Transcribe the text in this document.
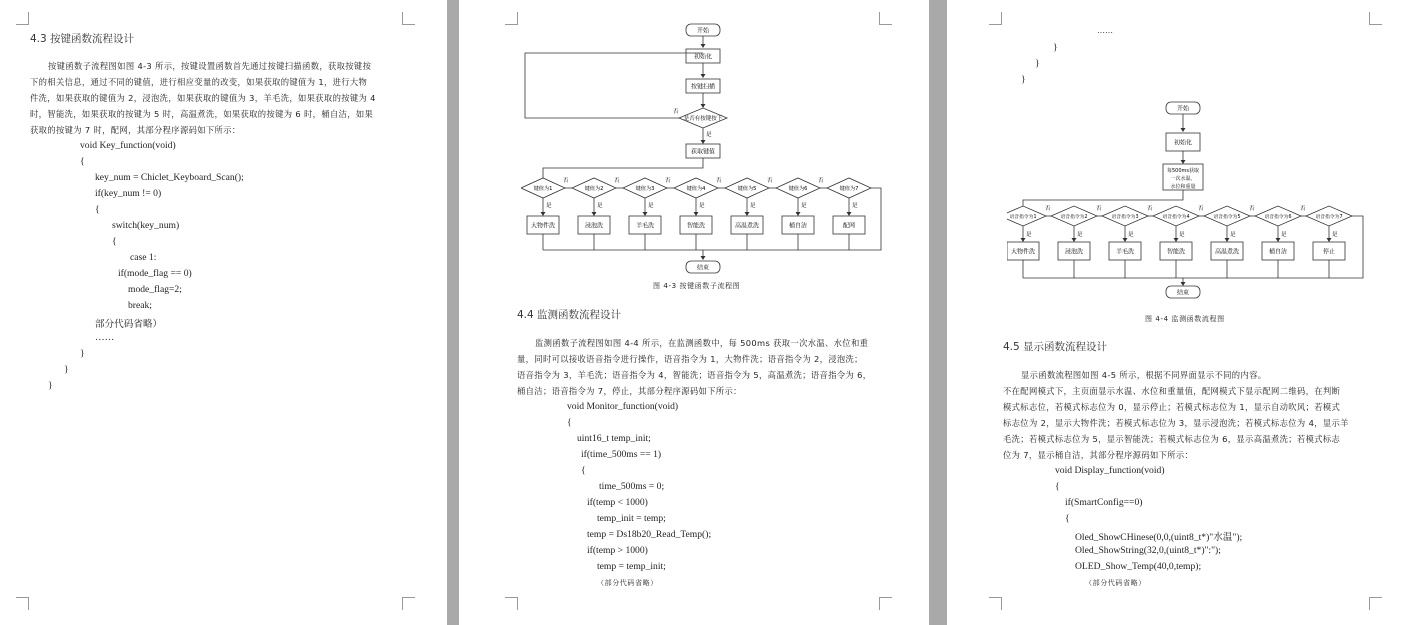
4.3 按键函数流程设计
按键函数子流程图如图 4-3 所示，按键设置函数首先通过按键扫描函数，获取按键按
下的相关信息，通过不同的键值，进行相应变量的改变，如果获取的键值为 1，进行大物
件洗，如果获取的键值为 2，浸泡洗，如果获取的键值为 3，羊毛洗，如果获取的按键为 4
时，智能洗，如果获取的按键为 5 时，高温煮洗，如果获取的按键为 6 时，桶自洁，如果
获取的按键为 7 时，配网，其部分程序源码如下所示：
void Key_function(void)
{
key_num = Chiclet_Keyboard_Scan();
if(key_num != 0)
{
switch(key_num)
{
case 1:
if(mode_flag == 0)
mode_flag=2;
break;
部分代码省略）
……
}
}
}
开始
初始化
按键扫描
是否有按键按下
是
否
获取键值
键值为1
否
是
大物件洗
键值为2
否
是
浸泡洗
键值为3
否
是
羊毛洗
键值为4
否
是
智能洗
键值为5
否
是
高温煮洗
键值为6
否
是
桶自洁
键值为7
是
配网
结束
图 4-3 按键函数子流程图
4.4 监测函数流程设计
监测函数子流程图如图 4-4 所示，在监测函数中，每 500ms 获取一次水温、水位和重
量，同时可以接收语音指令进行操作，语音指令为 1，大物件洗；语音指令为 2，浸泡洗；
语音指令为 3，羊毛洗；语音指令为 4，智能洗；语音指令为 5，高温煮洗；语音指令为 6，
桶自洁；语音指令为 7，停止，其部分程序源码如下所示：
void Monitor_function(void)
{
uint16_t temp_init;
if(time_500ms == 1)
{
time_500ms = 0;
if(temp < 1000)
temp_init = temp;
temp = Ds18b20_Read_Temp();
if(temp > 1000)
temp = temp_init;
（部分代码省略）
……
}
}
}
开始
初始化
每500ms获取
一次水温、
水位和重量
语音指令为1
否
是
大物件洗
语音指令为2
否
是
浸泡洗
语音指令为3
否
是
羊毛洗
语音指令为4
否
是
智能洗
语音指令为5
否
是
高温煮洗
语音指令为6
否
是
桶自洁
语音指令为7
是
停止
结束
图 4-4 监测函数流程图
4.5 显示函数流程设计
显示函数流程图如图 4-5 所示，根据不同界面显示不同的内容。
不在配网模式下，主页面显示水温、水位和重量值，配网模式下显示配网二维码，在判断
模式标志位，若模式标志位为 0，显示停止；若模式标志位为 1，显示自动吹风；若模式
标志位为 2，显示大物件洗；若模式标志位为 3，显示浸泡洗；若模式标志位为 4，显示羊
毛洗；若模式标志位为 5，显示智能洗；若模式标志位为 6，显示高温煮洗；若模式标志
位为 7，显示桶自洁，其部分程序源码如下所示：
void Display_function(void)
{
if(SmartConfig==0)
{
Oled_ShowCHinese(0,0,(uint8_t*)"水温");
Oled_ShowString(32,0,(uint8_t*)":");
OLED_Show_Temp(40,0,temp);
（部分代码省略）
